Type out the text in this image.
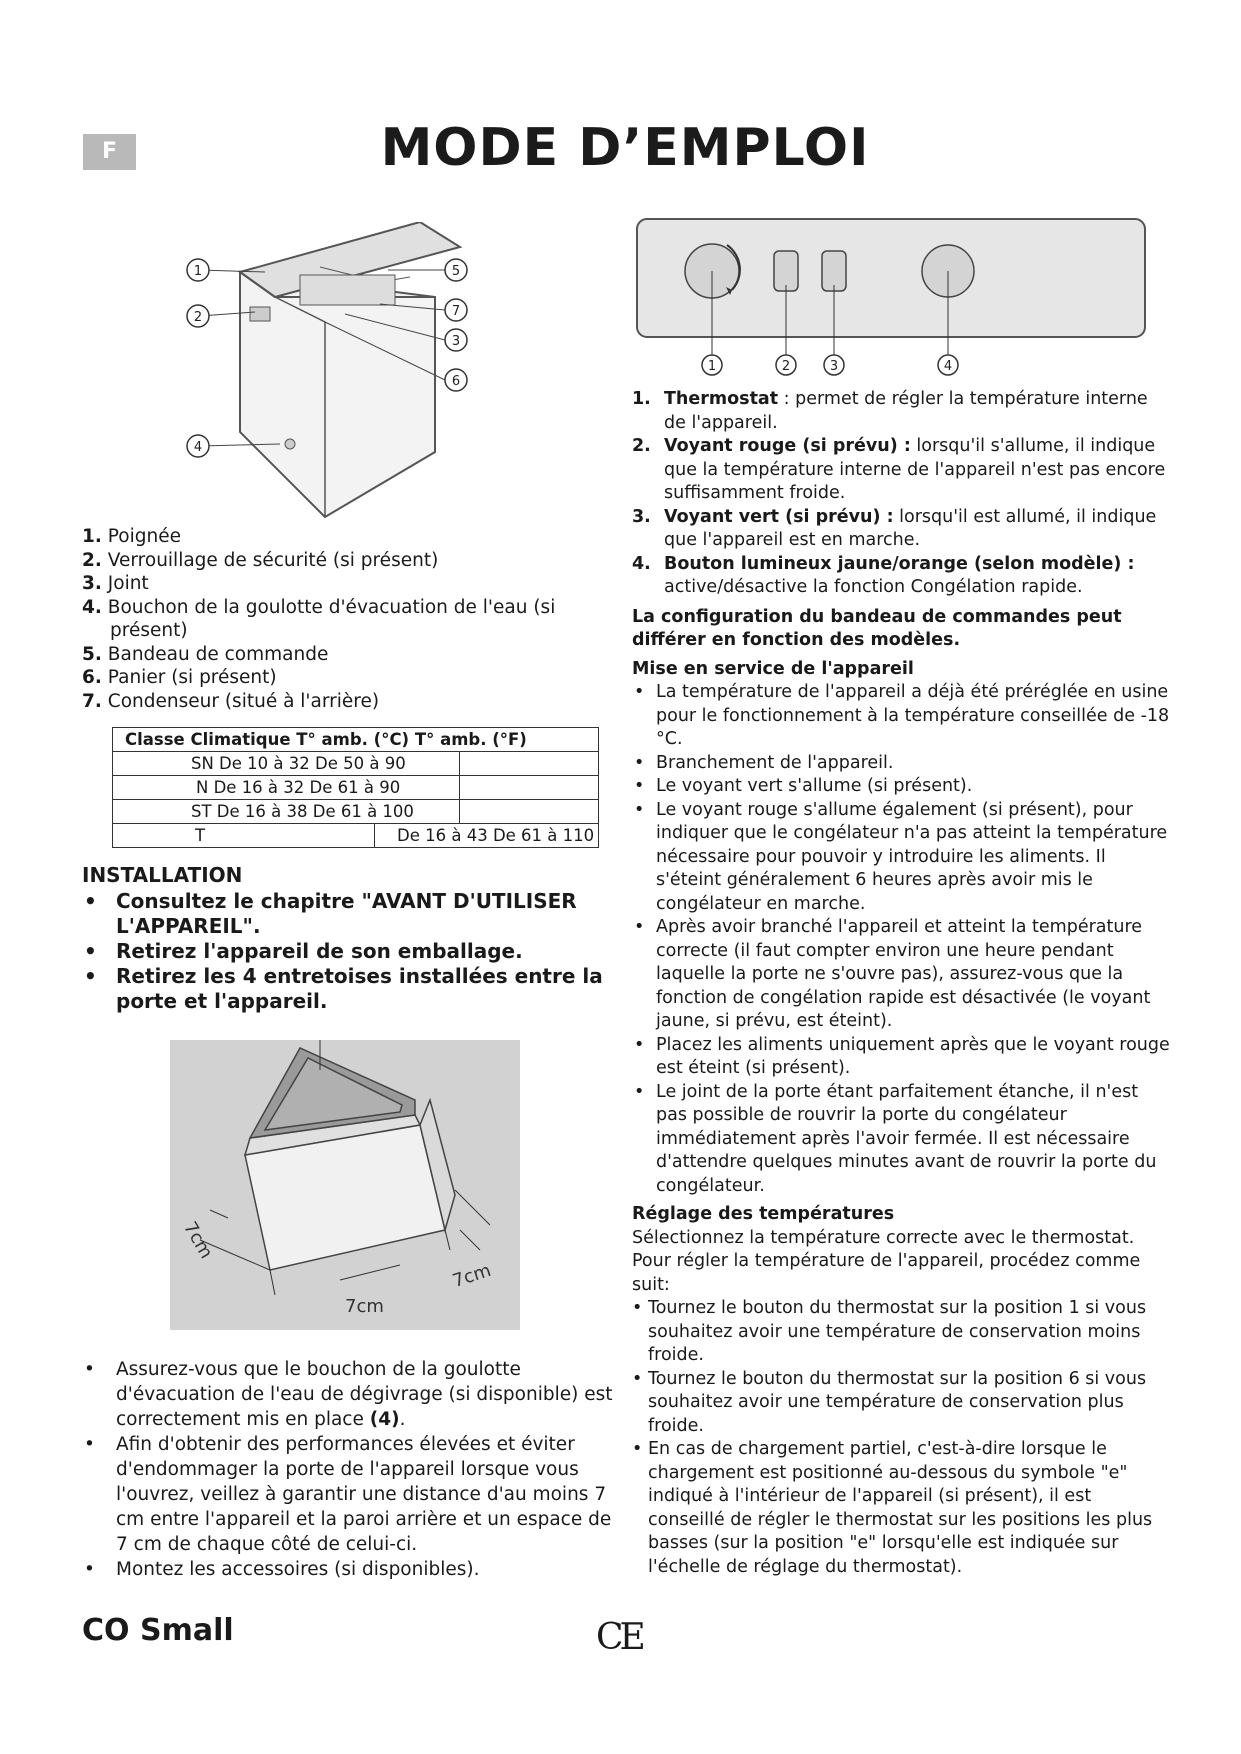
F	MODE D’EMPLOI
1
2
4
5
7
3
6
1. Poignée
2. Verrouillage de sécurité (si présent)
3. Joint
4. Bouchon de la goulotte d'évacuation de l'eau (si présent)
5. Bandeau de commande
6. Panier (si présent)
7. Condenseur (situé à l'arrière)
Classe Climatique T° amb. (°C) T° amb. (°F)		
SN De 10 à 32 De 50 à 90		
N De 16 à 32 De 61 à 90		
ST De 16 à 38 De 61 à 100		
T	De 16 à 43 De 61 à 110	
INSTALLATION
• Consultez le chapitre "AVANT D'UTILISER L'APPAREIL".
• Retirez l'appareil de son emballage.
• Retirez les 4 entretoises installées entre la porte et l'appareil.
7cm
7cm
7cm
• Assurez-vous que le bouchon de la goulotte d'évacuation de l'eau de dégivrage (si disponible) est correctement mis en place (4).
• Afin d'obtenir des performances élevées et éviter d'endommager la porte de l'appareil lorsque vous l'ouvrez, veillez à garantir une distance d'au moins 7 cm entre l'appareil et la paroi arrière et un espace de 7 cm de chaque côté de celui-ci.
• Montez les accessoires (si disponibles).
1	2	3	4
1. Thermostat : permet de régler la température interne de l'appareil.
2. Voyant rouge (si prévu) : lorsqu'il s'allume, il indique que la température interne de l'appareil n'est pas encore suffisamment froide.
3. Voyant vert (si prévu) : lorsqu'il est allumé, il indique que l'appareil est en marche.
4. Bouton lumineux jaune/orange (selon modèle) :
active/désactive la fonction Congélation rapide.
La configuration du bandeau de commandes peut différer en fonction des modèles.
Mise en service de l'appareil
• La température de l'appareil a déjà été préréglée en usine pour le fonctionnement à la température conseillée de -18 °C.
• Branchement de l'appareil.
• Le voyant vert s'allume (si présent).
• Le voyant rouge s'allume également (si présent), pour indiquer que le congélateur n'a pas atteint la température nécessaire pour pouvoir y introduire les aliments. Il s'éteint généralement 6 heures après avoir mis le congélateur en marche.
• Après avoir branché l'appareil et atteint la température correcte (il faut compter environ une heure pendant laquelle la porte ne s'ouvre pas), assurez-vous que la fonction de congélation rapide est désactivée (le voyant jaune, si prévu, est éteint).
• Placez les aliments uniquement après que le voyant rouge est éteint (si présent).
• Le joint de la porte étant parfaitement étanche, il n'est pas possible de rouvrir la porte du congélateur immédiatement après l'avoir fermée. Il est nécessaire d'attendre quelques minutes avant de rouvrir la porte du congélateur.
Réglage des températures
Sélectionnez la température correcte avec le thermostat. Pour régler la température de l'appareil, procédez comme suit:
• Tournez le bouton du thermostat sur la position 1 si vous souhaitez avoir une température de conservation moins froide.
• Tournez le bouton du thermostat sur la position 6 si vous souhaitez avoir une température de conservation plus froide.
• En cas de chargement partiel, c'est-à-dire lorsque le chargement est positionné au-dessous du symbole "e" indiqué à l'intérieur de l'appareil (si présent), il est conseillé de régler le thermostat sur les positions les plus basses (sur la position "e" lorsqu'elle est indiquée sur l'échelle de réglage du thermostat).
CO Small	CE
